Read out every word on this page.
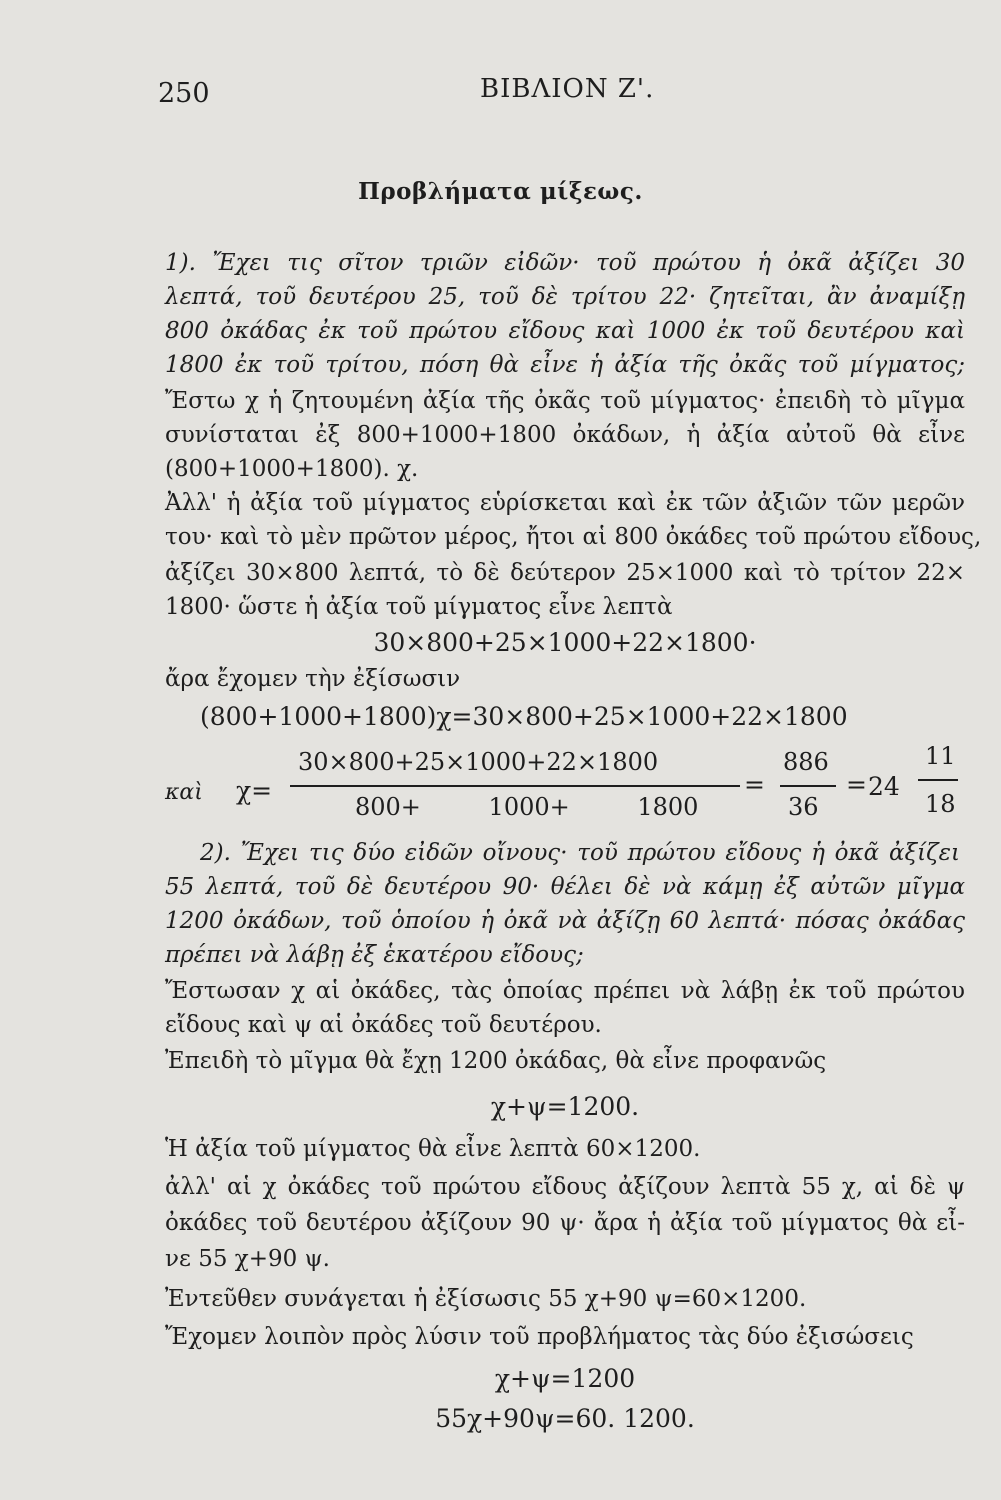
250	ΒΙΒΛΙΟΝ Ζ'.
Προβλήματα μίξεως.
1). Ἔχει τις σῖτον τριῶν εἰδῶν· τοῦ πρώτου ἡ ὀκᾶ ἀξίζει 30
λεπτά, τοῦ δευτέρου 25, τοῦ δὲ τρίτου 22· ζητεῖται, ἂν ἀναμίξῃ
800 ὀκάδας ἐκ τοῦ πρώτου εἴδους καὶ 1000 ἐκ τοῦ δευτέρου καὶ
1800 ἐκ τοῦ τρίτου, πόση θὰ εἶνε ἡ ἀξία τῆς ὀκᾶς τοῦ μίγματος;
Ἔστω χ ἡ ζητουμένη ἀξία τῆς ὀκᾶς τοῦ μίγματος· ἐπειδὴ τὸ μῖγμα
συνίσταται ἐξ 800+1000+1800 ὀκάδων, ἡ ἀξία αὐτοῦ θὰ εἶνε
(800+1000+1800). χ.
Ἀλλ' ἡ ἀξία τοῦ μίγματος εὑρίσκεται καὶ ἐκ τῶν ἀξιῶν τῶν μερῶν
του· καὶ τὸ μὲν πρῶτον μέρος, ἤτοι αἱ 800 ὀκάδες τοῦ πρώτου εἴδους,
ἀξίζει 30×800 λεπτά, τὸ δὲ δεύτερον 25×1000 καὶ τὸ τρίτον 22×
1800· ὥστε ἡ ἀξία τοῦ μίγματος εἶνε λεπτὰ
30×800+25×1000+22×1800·
ἄρα ἔχομεν τὴν ἐξίσωσιν
(800+1000+1800)χ=30×800+25×1000+22×1800
καὶ χ=
30×800+25×1000+22×1800
800+ 1000+ 1800
=
886
36
= 24
11
18
2). Ἔχει τις δύο εἰδῶν οἴνους· τοῦ πρώτου εἴδους ἡ ὀκᾶ ἀξίζει
55 λεπτά, τοῦ δὲ δευτέρου 90· θέλει δὲ νὰ κάμῃ ἐξ αὐτῶν μῖγμα
1200 ὀκάδων, τοῦ ὁποίου ἡ ὀκᾶ νὰ ἀξίζῃ 60 λεπτά· πόσας ὀκάδας
πρέπει νὰ λάβῃ ἐξ ἑκατέρου εἴδους;
Ἔστωσαν χ αἱ ὀκάδες, τὰς ὁποίας πρέπει νὰ λάβῃ ἐκ τοῦ πρώτου
εἴδους καὶ ψ αἱ ὀκάδες τοῦ δευτέρου.
Ἐπειδὴ τὸ μῖγμα θὰ ἔχῃ 1200 ὀκάδας, θὰ εἶνε προφανῶς
χ+ψ=1200.
Ἡ ἀξία τοῦ μίγματος θὰ εἶνε λεπτὰ 60×1200.
ἀλλ' αἱ χ ὀκάδες τοῦ πρώτου εἴδους ἀξίζουν λεπτὰ 55 χ, αἱ δὲ ψ
ὀκάδες τοῦ δευτέρου ἀξίζουν 90 ψ· ἄρα ἡ ἀξία τοῦ μίγματος θὰ εἶ-
νε 55 χ+90 ψ.
Ἐντεῦθεν συνάγεται ἡ ἐξίσωσις 55 χ+90 ψ=60×1200.
Ἔχομεν λοιπὸν πρὸς λύσιν τοῦ προβλήματος τὰς δύο ἐξισώσεις
χ+ψ=1200
55χ+90ψ=60. 1200.
